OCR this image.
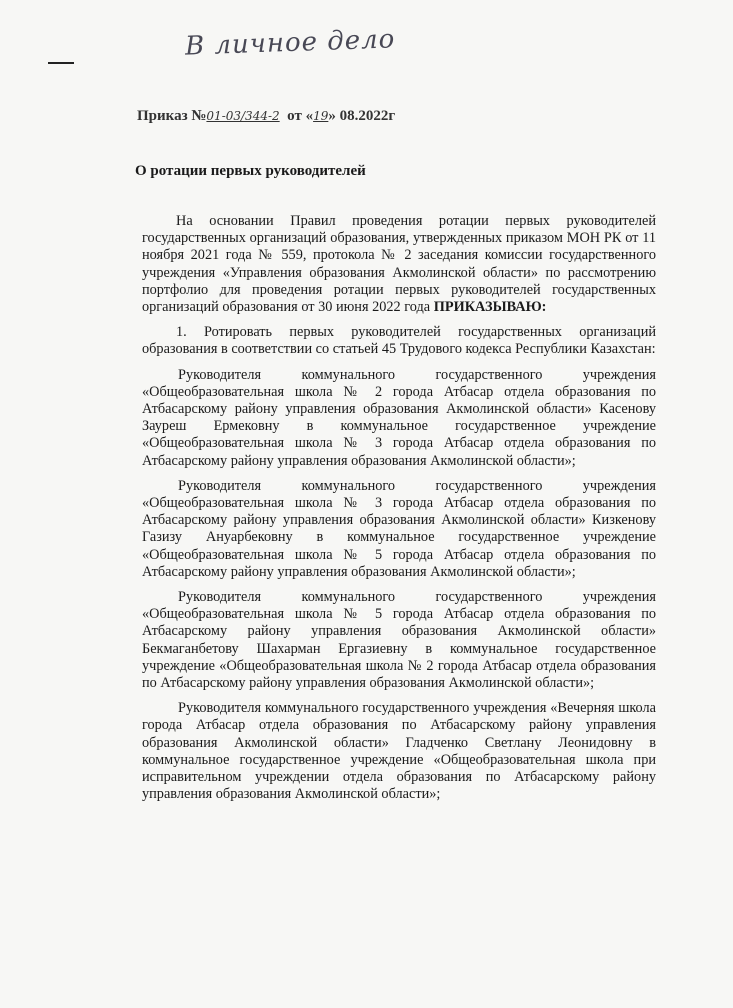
В личное дело
Приказ №01-03/344-2 от «19» 08.2022г
О ротации первых руководителей

На основании Правил проведения ротации первых руководителей государственных организаций образования, утвержденных приказом МОН РК от 11 ноября 2021 года № 559, протокола № 2 заседания комиссии государственного учреждения «Управления образования Акмолинской области» по рассмотрению портфолио для проведения ротации первых руководителей государственных организаций образования от 30 июня 2022 года ПРИКАЗЫВАЮ:

1. Ротировать первых руководителей государственных организаций образования в соответствии со статьей 45 Трудового кодекса Республики Казахстан:

Руководителя коммунального государственного учреждения «Общеобразовательная школа № 2 города Атбасар отдела образования по Атбасарскому району управления образования Акмолинской области» Касенову Зауреш Ермековну в коммунальное государственное учреждение «Общеобразовательная школа № 3 города Атбасар отдела образования по Атбасарскому району управления образования Акмолинской области»;

Руководителя коммунального государственного учреждения «Общеобразовательная школа № 3 города Атбасар отдела образования по Атбасарскому району управления образования Акмолинской области» Кизкенову Газизу Ануарбековну в коммунальное государственное учреждение «Общеобразовательная школа № 5 города Атбасар отдела образования по Атбасарскому району управления образования Акмолинской области»;

Руководителя коммунального государственного учреждения «Общеобразовательная школа № 5 города Атбасар отдела образования по Атбасарскому району управления образования Акмолинской области» Бекмаганбетову Шахарман Ергазиевну в коммунальное государственное учреждение «Общеобразовательная школа № 2 города Атбасар отдела образования по Атбасарскому району управления образования Акмолинской области»;

Руководителя коммунального государственного учреждения «Вечерняя школа города Атбасар отдела образования по Атбасарскому району управления образования Акмолинской области» Гладченко Светлану Леонидовну в коммунальное государственное учреждение «Общеобразовательная школа при исправительном учреждении отдела образования по Атбасарскому району управления образования Акмолинской области»;
